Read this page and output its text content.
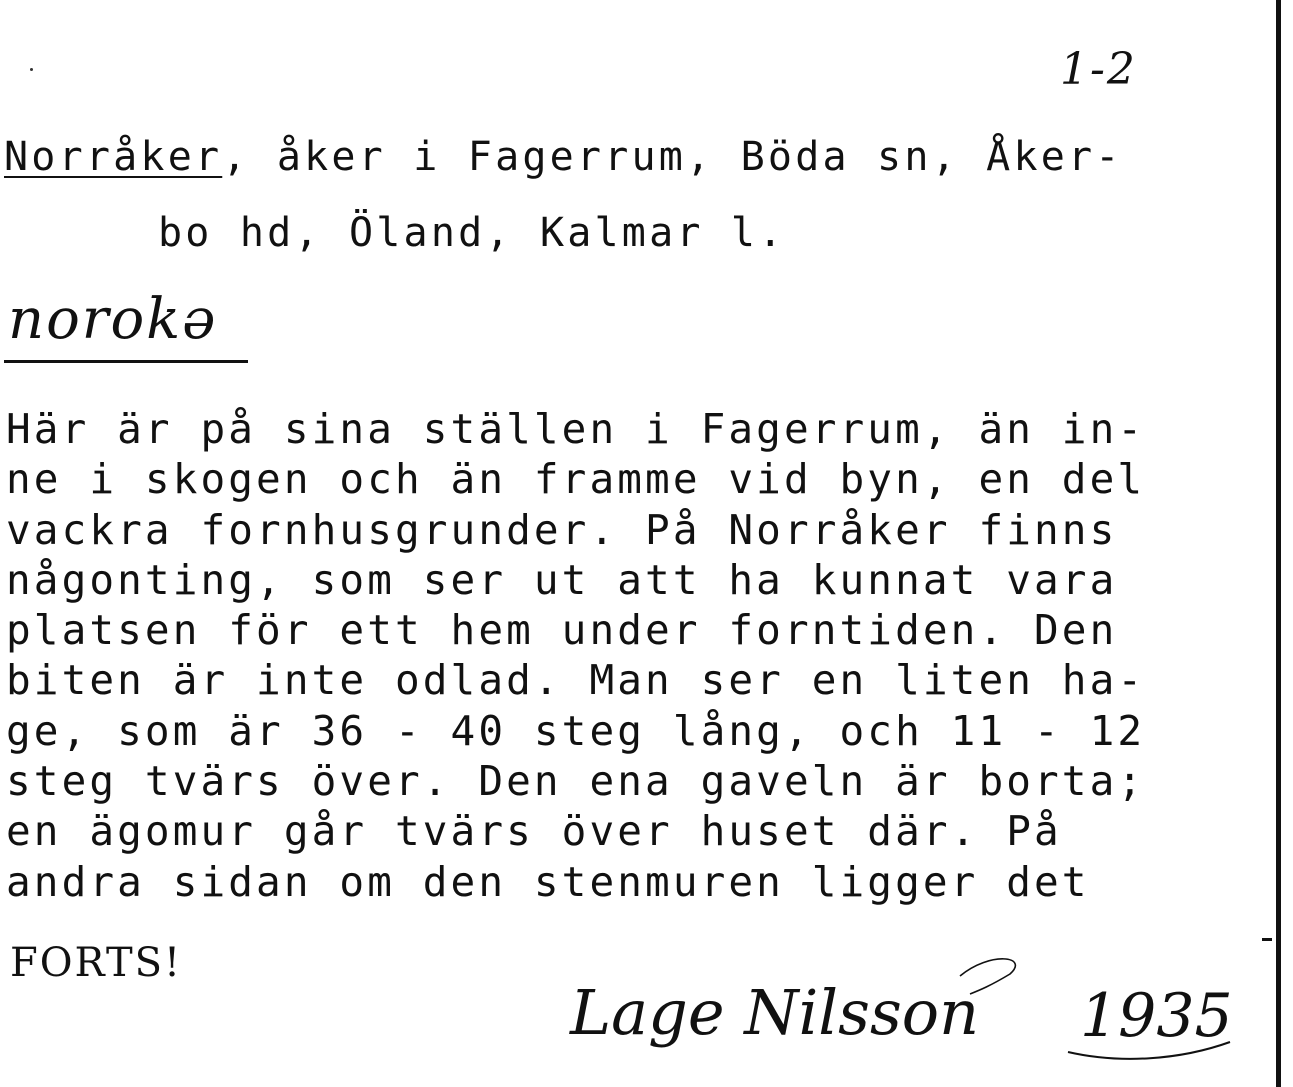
1-2
Norråker, åker i Fagerrum, Böda sn, Åker-
bo hd, Öland, Kalmar l.
norokə
Här är på sina ställen i Fagerrum, än in-
ne i skogen och än framme vid byn, en del
vackra fornhusgrunder. På Norråker finns
någonting, som ser ut att ha kunnat vara
platsen för ett hem under forntiden. Den
biten är inte odlad. Man ser en liten ha-
ge, som är 36 - 40 steg lång, och 11 - 12
steg tvärs över. Den ena gaveln är borta;
en ägomur går tvärs över huset där. På
andra sidan om den stenmuren ligger det
FORTS!
Lage Nilsson 1935
